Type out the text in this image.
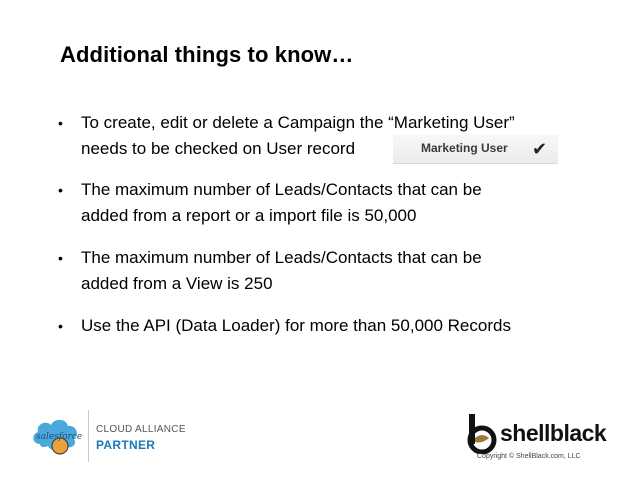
Additional things to know…
• To create, edit or delete a Campaign the “Marketing User”
needs to be checked on User record
• The maximum number of Leads/Contacts that can be
added from a report or a import file is 50,000
• The maximum number of Leads/Contacts that can be
added from a View is 250
• Use the API (Data Loader) for more than 50,000 Records
Marketing User ✔
salesforce
CLOUD ALLIANCE
PARTNER	shellblack
Copyright © ShellBlack.com, LLC
